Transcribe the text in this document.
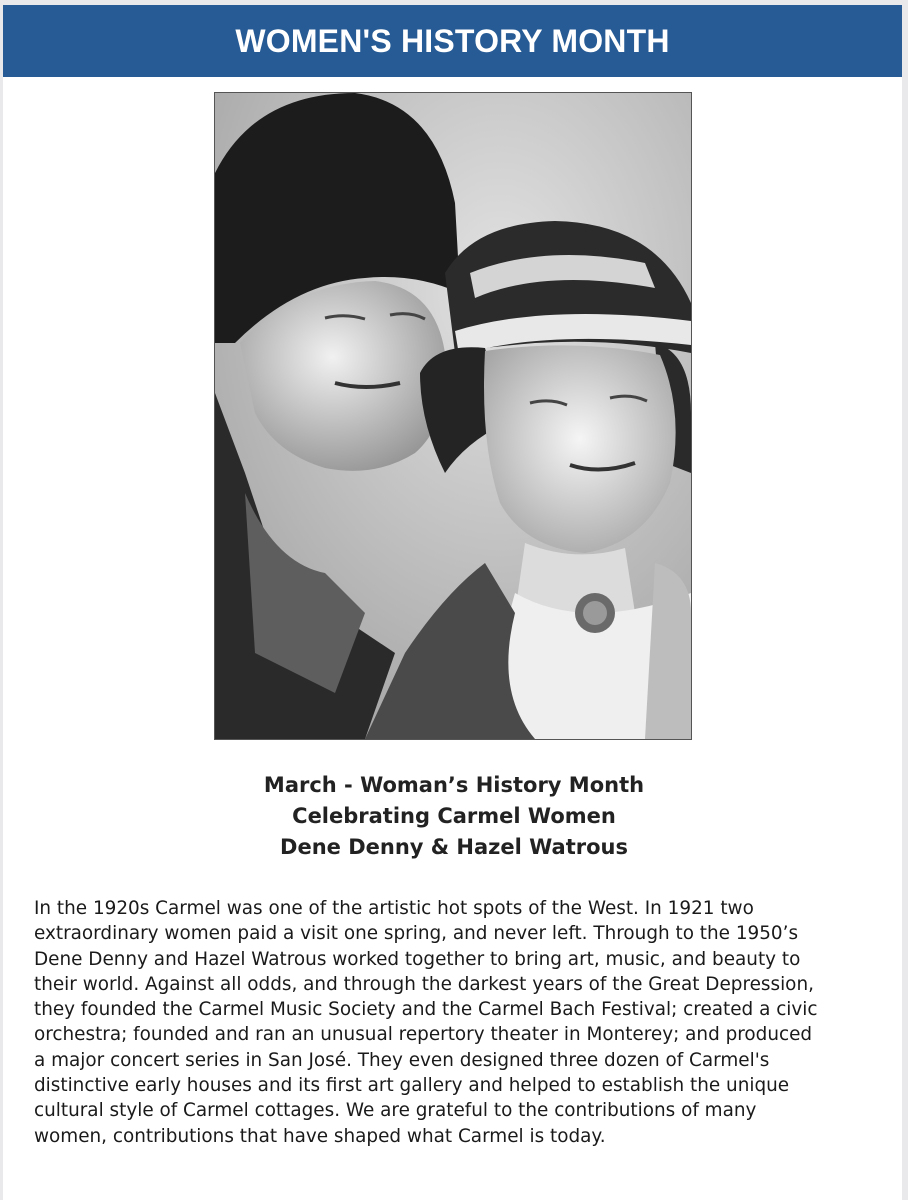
WOMEN'S HISTORY MONTH
March - Woman’s History Month
Celebrating Carmel Women
Dene Denny & Hazel Watrous
In the 1920s Carmel was one of the artistic hot spots of the West. In 1921 two
extraordinary women paid a visit one spring, and never left. Through to the 1950’s
Dene Denny and Hazel Watrous worked together to bring art, music, and beauty to
their world. Against all odds, and through the darkest years of the Great Depression,
they founded the Carmel Music Society and the Carmel Bach Festival; created a civic
orchestra; founded and ran an unusual repertory theater in Monterey; and produced
a major concert series in San José. They even designed three dozen of Carmel's
distinctive early houses and its first art gallery and helped to establish the unique
cultural style of Carmel cottages. We are grateful to the contributions of many
women, contributions that have shaped what Carmel is today.
